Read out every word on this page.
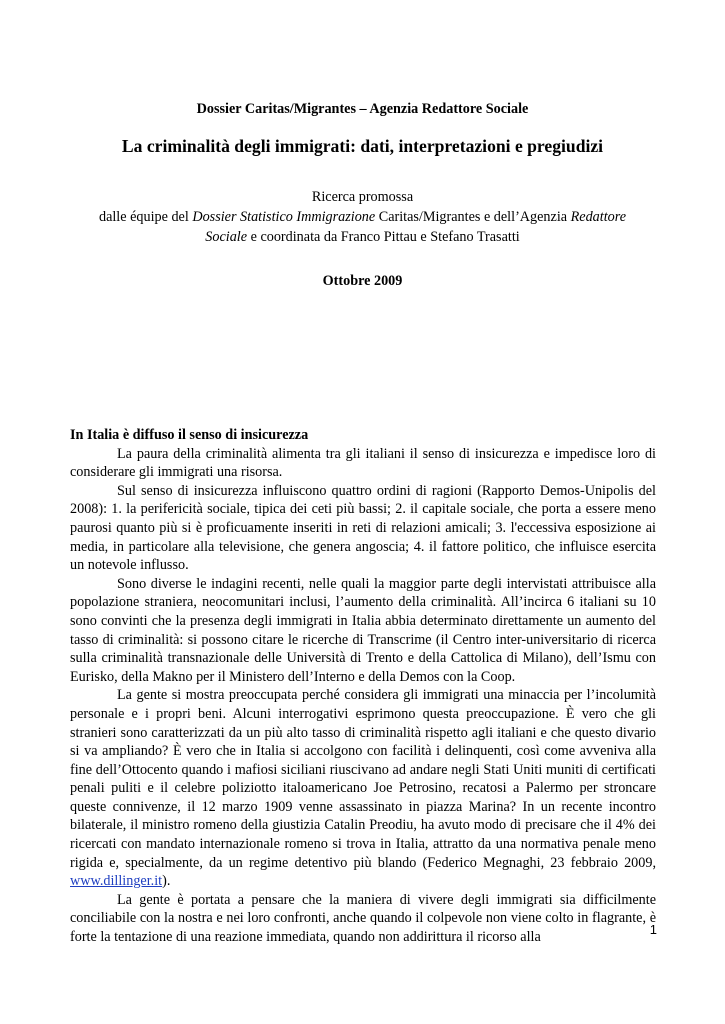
Dossier Caritas/Migrantes – Agenzia Redattore Sociale
La criminalità degli immigrati: dati, interpretazioni e pregiudizi
Ricerca promossa
dalle équipe del Dossier Statistico Immigrazione Caritas/Migrantes e dell’Agenzia Redattore
Sociale e coordinata da Franco Pittau e Stefano Trasatti
Ottobre 2009

In Italia è diffuso il senso di insicurezza

La paura della criminalità alimenta tra gli italiani il senso di insicurezza e impedisce loro di considerare gli immigrati una risorsa.

Sul senso di insicurezza influiscono quattro ordini di ragioni (Rapporto Demos-Unipolis del 2008): 1. la perifericità sociale, tipica dei ceti più bassi; 2. il capitale sociale, che porta a essere meno paurosi quanto più si è proficuamente inseriti in reti di relazioni amicali; 3. l'eccessiva esposizione ai media, in particolare alla televisione, che genera angoscia; 4. il fattore politico, che influisce esercita un notevole influsso.

Sono diverse le indagini recenti, nelle quali la maggior parte degli intervistati attribuisce alla popolazione straniera, neocomunitari inclusi, l’aumento della criminalità. All’incirca 6 italiani su 10 sono convinti che la presenza degli immigrati in Italia abbia determinato direttamente un aumento del tasso di criminalità: si possono citare le ricerche di Transcrime (il Centro inter-universitario di ricerca sulla criminalità transnazionale delle Università di Trento e della Cattolica di Milano), dell’Ismu con Eurisko, della Makno per il Ministero dell’Interno e della Demos con la Coop.

La gente si mostra preoccupata perché considera gli immigrati una minaccia per l’incolumità personale e i propri beni. Alcuni interrogativi esprimono questa preoccupazione. È vero che gli stranieri sono caratterizzati da un più alto tasso di criminalità rispetto agli italiani e che questo divario si va ampliando? È vero che in Italia si accolgono con facilità i delinquenti, così come avveniva alla fine dell’Ottocento quando i mafiosi siciliani riuscivano ad andare negli Stati Uniti muniti di certificati penali puliti e il celebre poliziotto italoamericano Joe Petrosino, recatosi a Palermo per stroncare queste connivenze, il 12 marzo 1909 venne assassinato in piazza Marina? In un recente incontro bilaterale, il ministro romeno della giustizia Catalin Preodiu, ha avuto modo di precisare che il 4% dei ricercati con mandato internazionale romeno si trova in Italia, attratto da una normativa penale meno rigida e, specialmente, da un regime detentivo più blando (Federico Megnaghi, 23 febbraio 2009, www.dillinger.it).

La gente è portata a pensare che la maniera di vivere degli immigrati sia difficilmente conciliabile con la nostra e nei loro confronti, anche quando il colpevole non viene colto in flagrante, è forte la tentazione di una reazione immediata, quando non addirittura il ricorso alla	1
